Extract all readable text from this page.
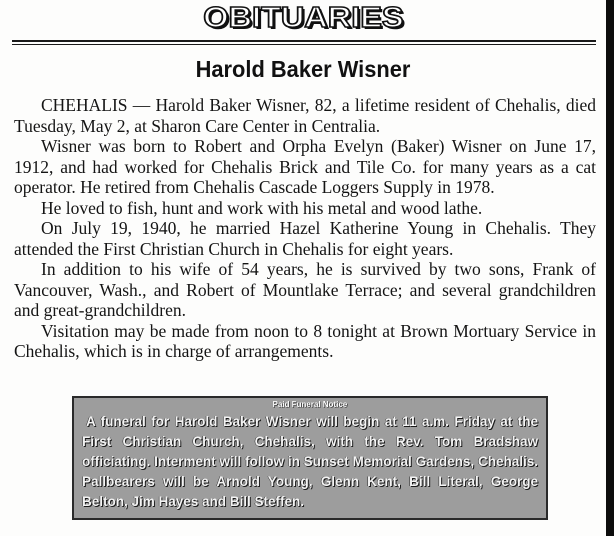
OBITUARIES
Harold Baker Wisner

CHEHALIS — Harold Baker Wisner, 82, a lifetime resident of Chehalis, died Tuesday, May 2, at Sharon Care Center in Centralia.

Wisner was born to Robert and Orpha Evelyn (Baker) Wisner on June 17, 1912, and had worked for Chehalis Brick and Tile Co. for many years as a cat operator. He retired from Chehalis Cascade Loggers Supply in 1978.

He loved to fish, hunt and work with his metal and wood lathe.

On July 19, 1940, he married Hazel Katherine Young in Chehalis. They attended the First Christian Church in Chehalis for eight years.

In addition to his wife of 54 years, he is survived by two sons, Frank of Vancouver, Wash., and Robert of Mountlake Terrace; and several grandchildren and great-grandchildren.

Visitation may be made from noon to 8 tonight at Brown Mortuary Service in Chehalis, which is in charge of arrangements.

Paid Funeral Notice
A funeral for Harold Baker Wisner will begin at 11 a.m. Friday at the First Christian Church, Chehalis, with the Rev. Tom Bradshaw officiating. Interment will follow in Sunset Memorial Gardens, Chehalis. Pallbearers will be Arnold Young, Glenn Kent, Bill Literal, George Belton, Jim Hayes and Bill Steffen.
